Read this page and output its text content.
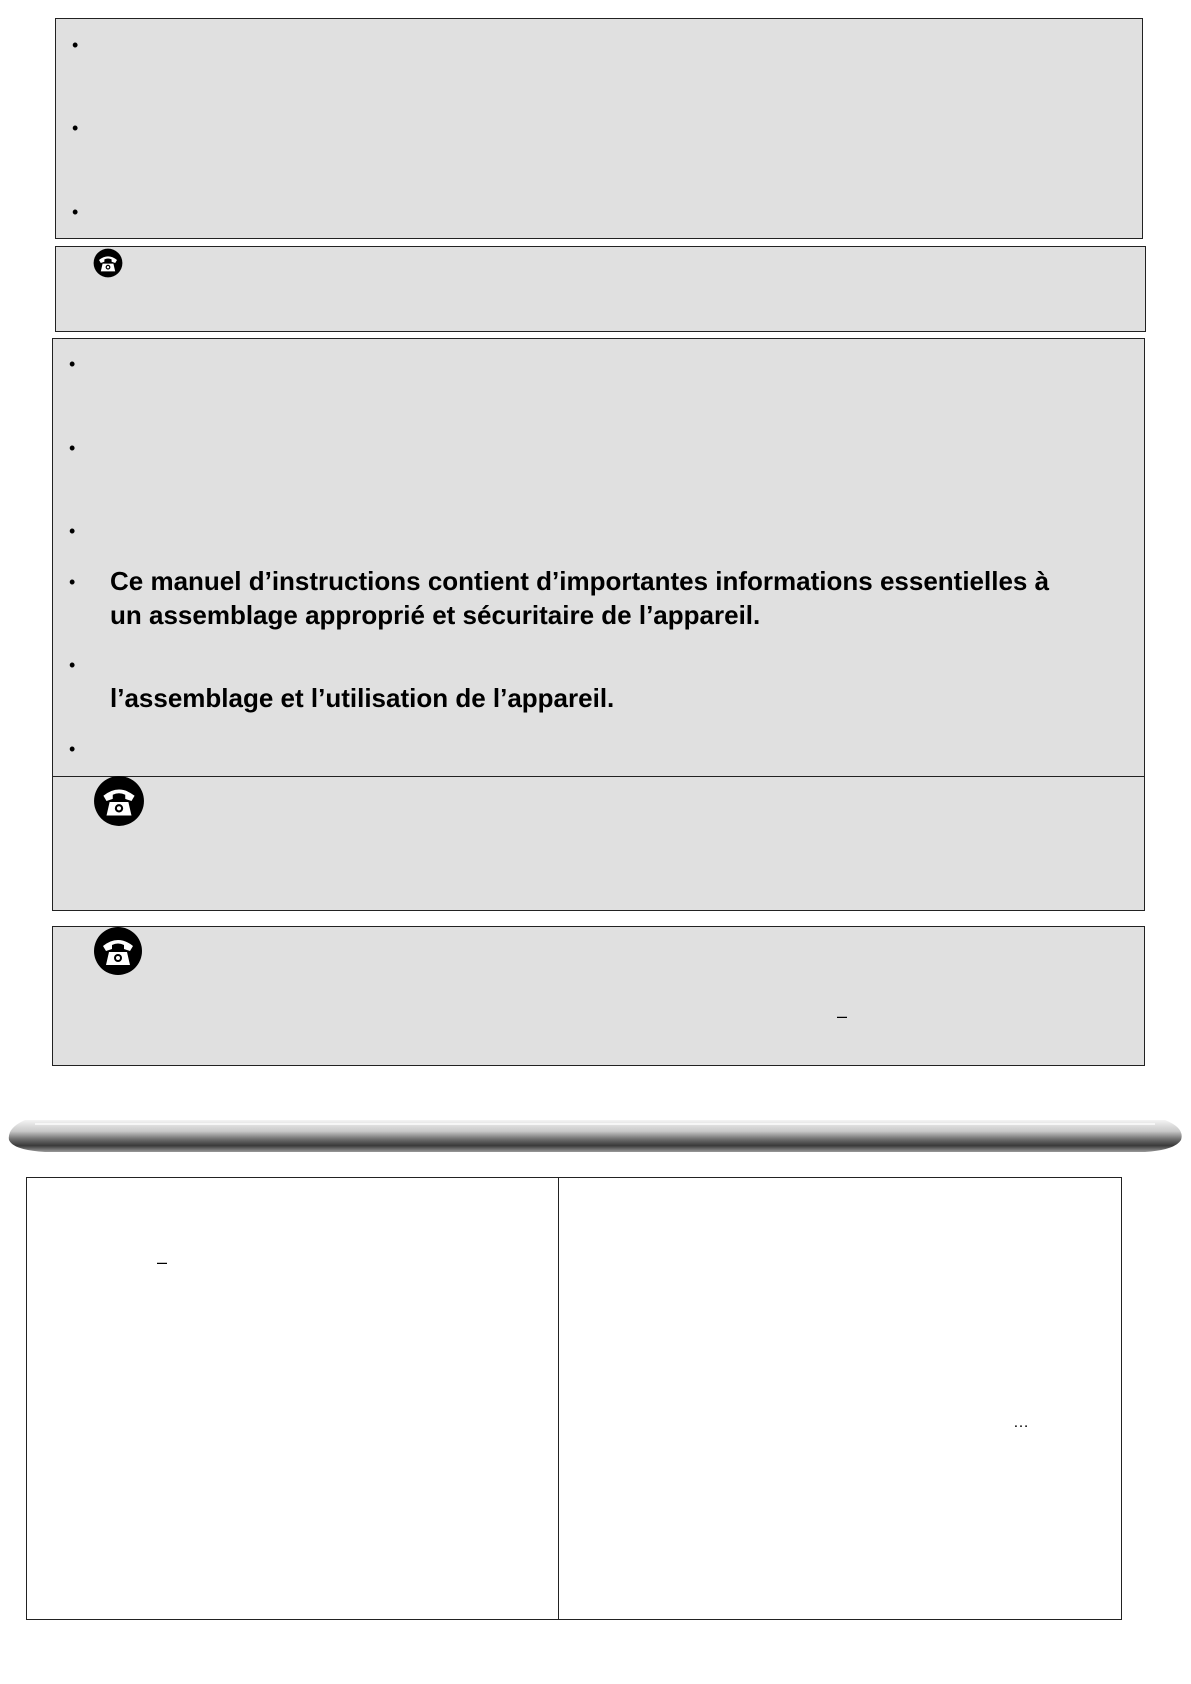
•
•
•
•
•
•
•
•
•
Ce manuel d’instructions contient d’importantes informations essentielles à
un assemblage approprié et sécuritaire de l’appareil.
l’assemblage et l’utilisation de l’appareil.
–
–
…
